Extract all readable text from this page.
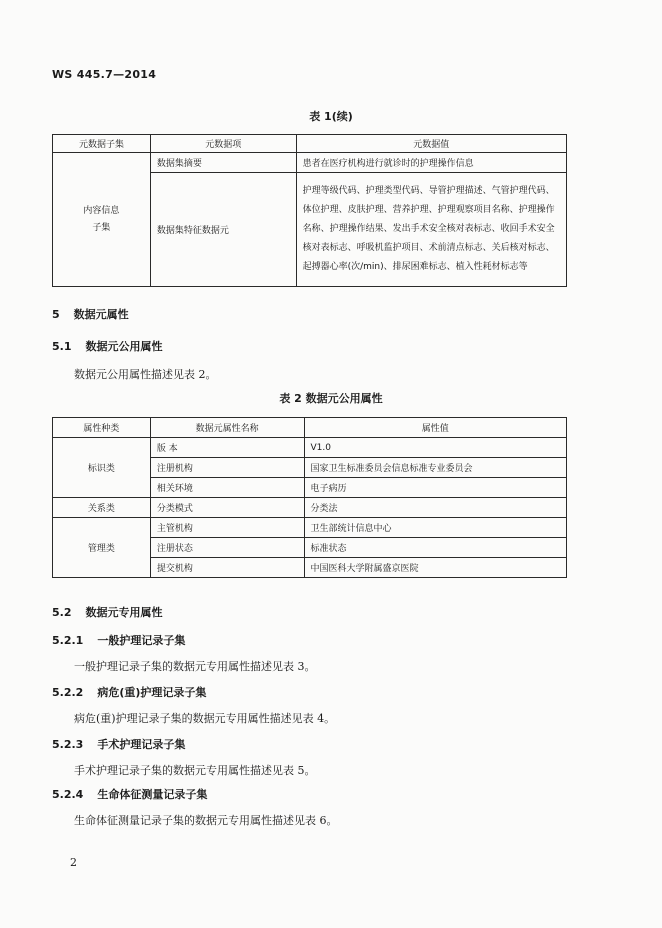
WS 445.7—2014
表 1(续)
元数据子集	元数据项	元数据值
内容信息子集	数据集摘要	患者在医疗机构进行就诊时的护理操作信息
	数据集特征数据元	护理等级代码、护理类型代码、导管护理描述、气管护理代码、体位护理、皮肤护理、营养护理、护理观察项目名称、护理操作名称、护理操作结果、发出手术安全核对表标志、收回手术安全核对表标志、呼吸机监护项目、术前清点标志、关后核对标志、起搏器心率(次/min)、排尿困难标志、植入性耗材标志等
5 数据元属性
5.1 数据元公用属性
数据元公用属性描述见表 2。
表 2 数据元公用属性
属性种类	数据元属性名称	属性值
标识类	版 本	V1.0
	注册机构	国家卫生标准委员会信息标准专业委员会
	相关环境	电子病历
关系类	分类模式	分类法
管理类	主管机构	卫生部统计信息中心
	注册状态	标准状态
	提交机构	中国医科大学附属盛京医院
5.2 数据元专用属性
5.2.1 一般护理记录子集
一般护理记录子集的数据元专用属性描述见表 3。
5.2.2 病危(重)护理记录子集
病危(重)护理记录子集的数据元专用属性描述见表 4。
5.2.3 手术护理记录子集
手术护理记录子集的数据元专用属性描述见表 5。
5.2.4 生命体征测量记录子集
生命体征测量记录子集的数据元专用属性描述见表 6。
2
